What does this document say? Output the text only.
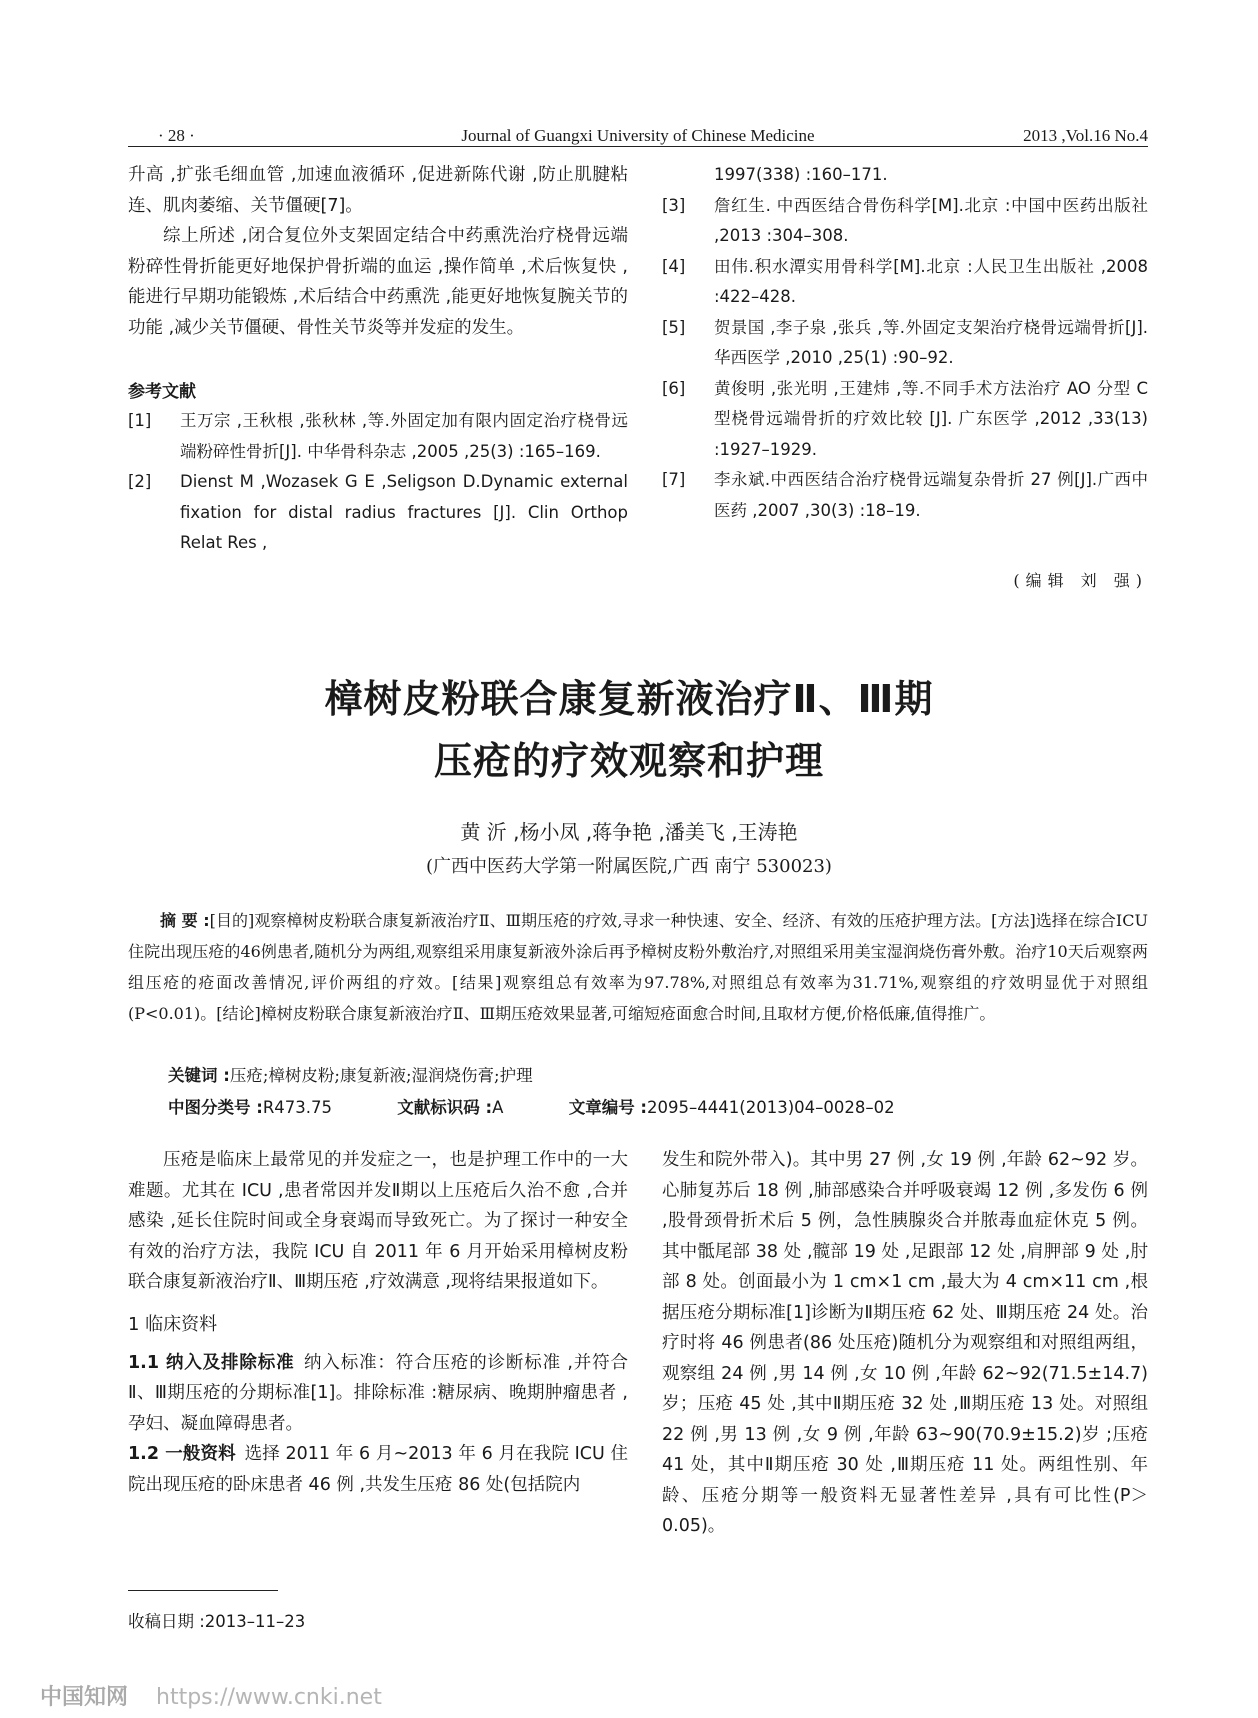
· 28 ·	Journal of Guangxi University of Chinese Medicine	2013 ,Vol.16 No.4

升高 ,扩张毛细血管 ,加速血液循环 ,促进新陈代谢 ,防止肌腱粘连、肌肉萎缩、关节僵硬[7]。

综上所述 ,闭合复位外支架固定结合中药熏洗治疗桡骨远端粉碎性骨折能更好地保护骨折端的血运 ,操作简单 ,术后恢复快 ,能进行早期功能锻炼 ,术后结合中药熏洗 ,能更好地恢复腕关节的功能 ,减少关节僵硬、骨性关节炎等并发症的发生。

参考文献

[1] 王万宗 ,王秋根 ,张秋林 ,等.外固定加有限内固定治疗桡骨远端粉碎性骨折[J]. 中华骨科杂志 ,2005 ,25(3) :165–169.
[2] Dienst M ,Wozasek G E ,Seligson D.Dynamic external fixation for distal radius fractures [J]. Clin Orthop Relat Res ,
1997(338) :160–171.
[3] 詹红生. 中西医结合骨伤科学[M].北京 :中国中医药出版社 ,2013 :304–308.
[4] 田伟.积水潭实用骨科学[M].北京 :人民卫生出版社 ,2008 :422–428.
[5] 贺景国 ,李子泉 ,张兵 ,等.外固定支架治疗桡骨远端骨折[J].华西医学 ,2010 ,25(1) :90–92.
[6] 黄俊明 ,张光明 ,王建炜 ,等.不同手术方法治疗 AO 分型 C 型桡骨远端骨折的疗效比较 [J]. 广东医学 ,2012 ,33(13) :1927–1929.
[7] 李永斌.中西医结合治疗桡骨远端复杂骨折 27 例[J].广西中医药 ,2007 ,30(3) :18–19.
(编辑 刘 强)
樟树皮粉联合康复新液治疗Ⅱ、Ⅲ期
压疮的疗效观察和护理
黄 沂 ,杨小凤 ,蒋争艳 ,潘美飞 ,王涛艳
(广西中医药大学第一附属医院,广西 南宁 530023)
摘 要 :[目的]观察樟树皮粉联合康复新液治疗Ⅱ、Ⅲ期压疮的疗效,寻求一种快速、安全、经济、有效的压疮护理方法。[方法]选择在综合ICU住院出现压疮的46例患者,随机分为两组,观察组采用康复新液外涂后再予樟树皮粉外敷治疗,对照组采用美宝湿润烧伤膏外敷。治疗10天后观察两组压疮的疮面改善情况,评价两组的疗效。[结果]观察组总有效率为97.78%,对照组总有效率为31.71%,观察组的疗效明显优于对照组(P<0.01)。[结论]樟树皮粉联合康复新液治疗Ⅱ、Ⅲ期压疮效果显著,可缩短疮面愈合时间,且取材方便,价格低廉,值得推广。
关键词 :压疮;樟树皮粉;康复新液;湿润烧伤膏;护理
中图分类号 :R473.75	文献标识码 :A	文章编号 :2095–4441(2013)04–0028–02

压疮是临床上最常见的并发症之一，也是护理工作中的一大难题。尤其在 ICU ,患者常因并发Ⅱ期以上压疮后久治不愈 ,合并感染 ,延长住院时间或全身衰竭而导致死亡。为了探讨一种安全有效的治疗方法，我院 ICU 自 2011 年 6 月开始采用樟树皮粉联合康复新液治疗Ⅱ、Ⅲ期压疮 ,疗效满意 ,现将结果报道如下。

1 临床资料

1.1 纳入及排除标准  纳入标准：符合压疮的诊断标准 ,并符合Ⅱ、Ⅲ期压疮的分期标准[1]。排除标准 :糖尿病、晚期肿瘤患者 ,孕妇、凝血障碍患者。

1.2 一般资料  选择 2011 年 6 月~2013 年 6 月在我院 ICU 住院出现压疮的卧床患者 46 例 ,共发生压疮 86 处(包括院内

发生和院外带入)。其中男 27 例 ,女 19 例 ,年龄 62~92 岁。心肺复苏后 18 例 ,肺部感染合并呼吸衰竭 12 例 ,多发伤 6 例 ,股骨颈骨折术后 5 例，急性胰腺炎合并脓毒血症休克 5 例。其中骶尾部 38 处 ,髋部 19 处 ,足跟部 12 处 ,肩胛部 9 处 ,肘部 8 处。创面最小为 1 cm×1 cm ,最大为 4 cm×11 cm ,根据压疮分期标准[1]诊断为Ⅱ期压疮 62 处、Ⅲ期压疮 24 处。治疗时将 46 例患者(86 处压疮)随机分为观察组和对照组两组，观察组 24 例 ,男 14 例 ,女 10 例 ,年龄 62~92(71.5±14.7)岁；压疮 45 处 ,其中Ⅱ期压疮 32 处 ,Ⅲ期压疮 13 处。对照组 22 例 ,男 13 例 ,女 9 例 ,年龄 63~90(70.9±15.2)岁 ;压疮 41 处，其中Ⅱ期压疮 30 处 ,Ⅲ期压疮 11 处。两组性别、年龄、压疮分期等一般资料无显著性差异 ,具有可比性(P＞0.05)。

收稿日期 :2013–11–23
中国知网 https://www.cnki.net
